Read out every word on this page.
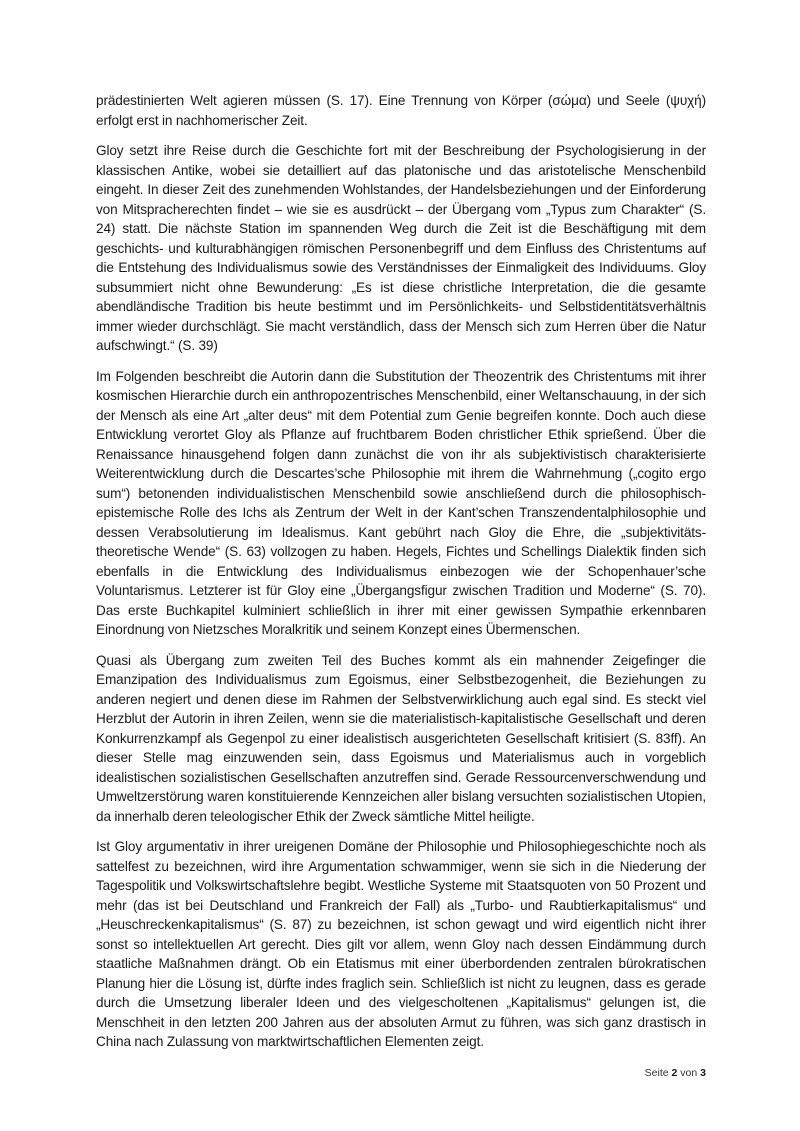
prädestinierten Welt agieren müssen (S. 17). Eine Trennung von Körper (σώμα) und Seele (ψυχή) erfolgt erst in nachhomerischer Zeit.

Gloy setzt ihre Reise durch die Geschichte fort mit der Beschreibung der Psychologisierung in der klassischen Antike, wobei sie detailliert auf das platonische und das aristotelische Menschenbild eingeht. In dieser Zeit des zunehmenden Wohlstandes, der Handelsbeziehungen und der Einforderung von Mitspracherechten findet – wie sie es ausdrückt – der Übergang vom „Typus zum Charakter“ (S. 24) statt. Die nächste Station im spannenden Weg durch die Zeit ist die Beschäftigung mit dem geschichts- und kulturabhängigen römischen Personenbegriff und dem Einfluss des Christentums auf die Entstehung des Individualismus sowie des Verständnisses der Einmaligkeit des Individuums. Gloy subsummiert nicht ohne Bewunderung: „Es ist diese christliche Interpretation, die die gesamte abendländische Tradition bis heute bestimmt und im Persönlichkeits- und Selbstidentitätsverhältnis immer wieder durchschlägt. Sie macht verständlich, dass der Mensch sich zum Herren über die Natur aufschwingt.“ (S. 39)

Im Folgenden beschreibt die Autorin dann die Substitution der Theozentrik des Christentums mit ihrer kosmischen Hierarchie durch ein anthropozentrisches Menschenbild, einer Weltanschauung, in der sich der Mensch als eine Art „alter deus“ mit dem Potential zum Genie begreifen konnte. Doch auch diese Entwicklung verortet Gloy als Pflanze auf fruchtbarem Boden christlicher Ethik sprießend. Über die Renaissance hinausgehend folgen dann zunächst die von ihr als subjektivistisch charakterisierte Weiterentwicklung durch die Descartes’sche Philosophie mit ihrem die Wahrnehmung („cogito ergo sum“) betonenden individualistischen Menschenbild sowie anschließend durch die philosophisch-epistemische Rolle des Ichs als Zentrum der Welt in der Kant’schen Transzendentalphilosophie und dessen Verabsolutierung im Idealismus. Kant gebührt nach Gloy die Ehre, die „subjektivitäts-theoretische Wende“ (S. 63) vollzogen zu haben. Hegels, Fichtes und Schellings Dialektik finden sich ebenfalls in die Entwicklung des Individualismus einbezogen wie der Schopenhauer’sche Voluntarismus. Letzterer ist für Gloy eine „Übergangsfigur zwischen Tradition und Moderne“ (S. 70). Das erste Buchkapitel kulminiert schließlich in ihrer mit einer gewissen Sympathie erkennbaren Einordnung von Nietzsches Moralkritik und seinem Konzept eines Übermenschen.

Quasi als Übergang zum zweiten Teil des Buches kommt als ein mahnender Zeigefinger die Emanzipation des Individualismus zum Egoismus, einer Selbstbezogenheit, die Beziehungen zu anderen negiert und denen diese im Rahmen der Selbstverwirklichung auch egal sind. Es steckt viel Herzblut der Autorin in ihren Zeilen, wenn sie die materialistisch-kapitalistische Gesellschaft und deren Konkurrenzkampf als Gegenpol zu einer idealistisch ausgerichteten Gesellschaft kritisiert (S. 83ff). An dieser Stelle mag einzuwenden sein, dass Egoismus und Materialismus auch in vorgeblich idealistischen sozialistischen Gesellschaften anzutreffen sind. Gerade Ressourcenverschwendung und Umweltzerstörung waren konstituierende Kennzeichen aller bislang versuchten sozialistischen Utopien, da innerhalb deren teleologischer Ethik der Zweck sämtliche Mittel heiligte.

Ist Gloy argumentativ in ihrer ureigenen Domäne der Philosophie und Philosophiegeschichte noch als sattelfest zu bezeichnen, wird ihre Argumentation schwammiger, wenn sie sich in die Niederung der Tagespolitik und Volkswirtschaftslehre begibt. Westliche Systeme mit Staatsquoten von 50 Prozent und mehr (das ist bei Deutschland und Frankreich der Fall) als „Turbo- und Raubtierkapitalismus“ und „Heuschreckenkapitalismus“ (S. 87) zu bezeichnen, ist schon gewagt und wird eigentlich nicht ihrer sonst so intellektuellen Art gerecht. Dies gilt vor allem, wenn Gloy nach dessen Eindämmung durch staatliche Maßnahmen drängt. Ob ein Etatismus mit einer überbordenden zentralen bürokratischen Planung hier die Lösung ist, dürfte indes fraglich sein. Schließlich ist nicht zu leugnen, dass es gerade durch die Umsetzung liberaler Ideen und des vielgescholtenen „Kapitalismus“ gelungen ist, die Menschheit in den letzten 200 Jahren aus der absoluten Armut zu führen, was sich ganz drastisch in China nach Zulassung von marktwirtschaftlichen Elementen zeigt.

Seite 2 von 3
